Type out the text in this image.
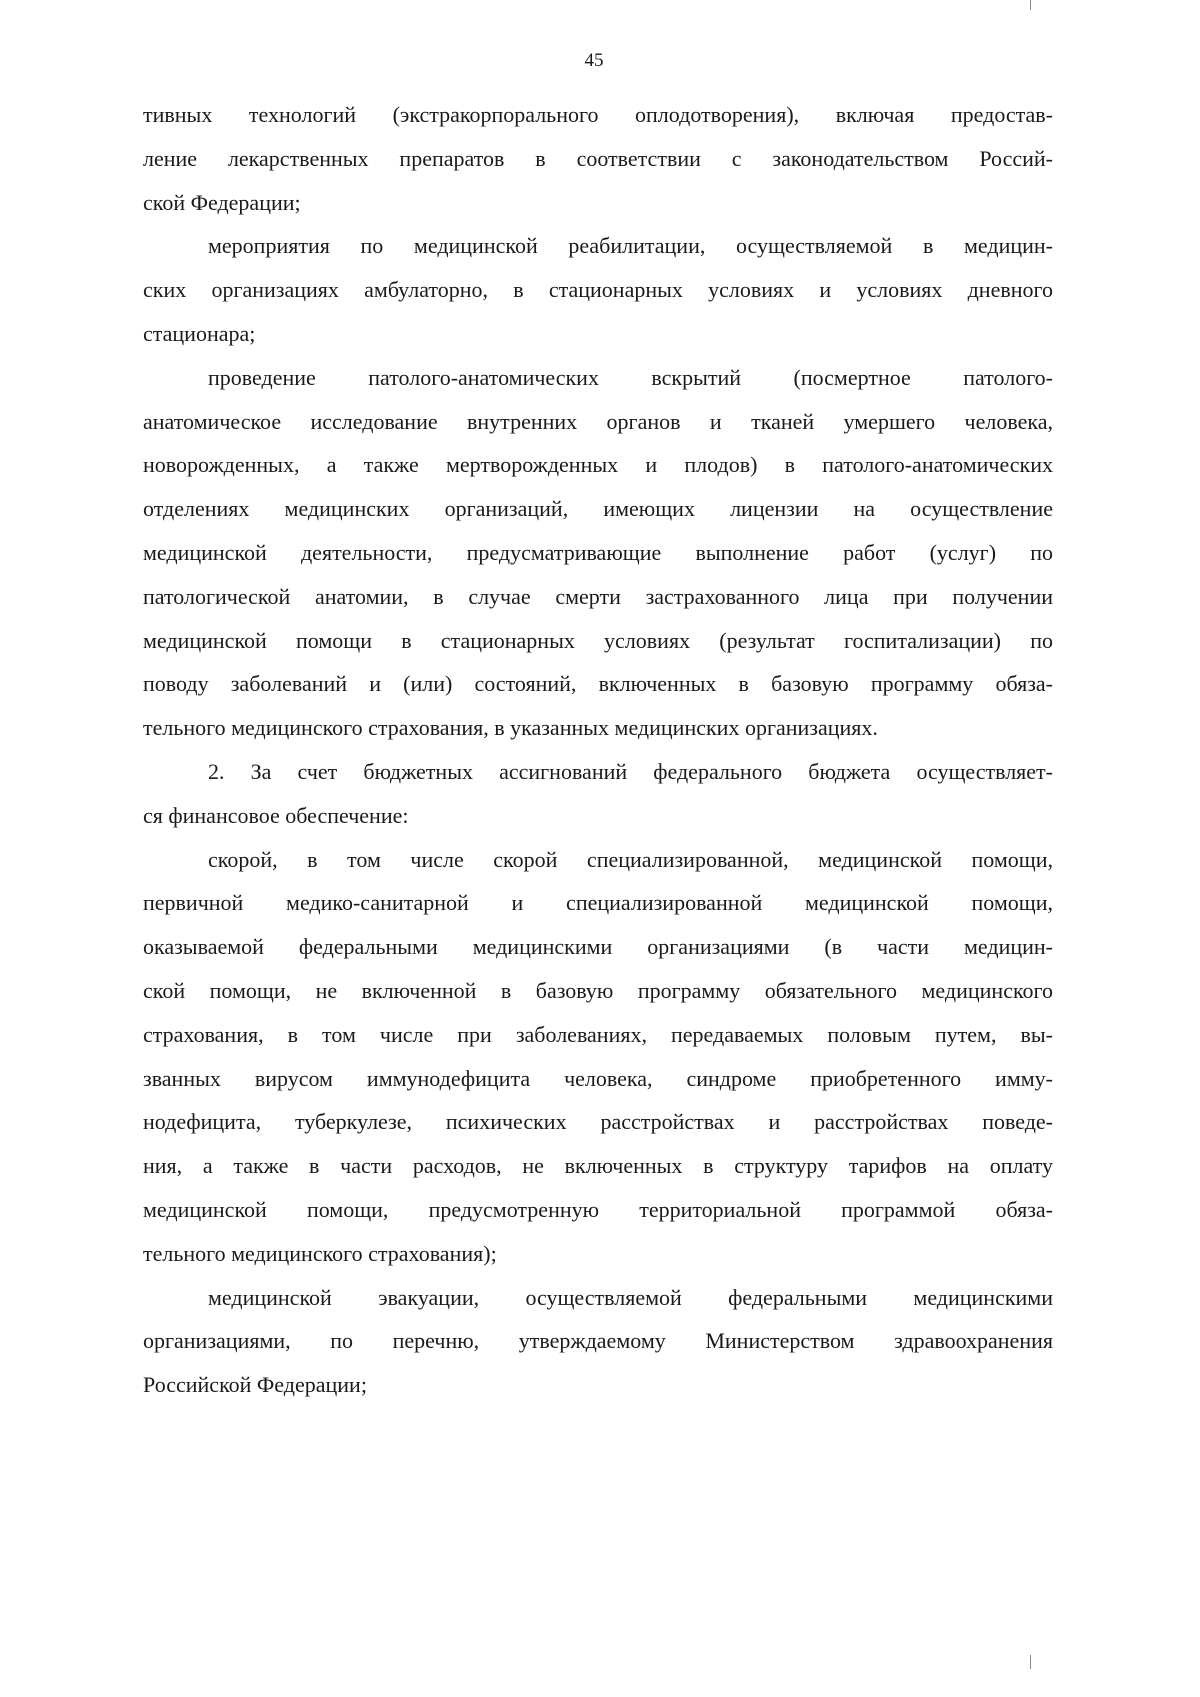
45
тивных технологий (экстракорпорального оплодотворения), включая предостав-
ление лекарственных препаратов в соответствии с законодательством Россий-
ской Федерации;
мероприятия по медицинской реабилитации, осуществляемой в медицин-
ских организациях амбулаторно, в стационарных условиях и условиях дневного
стационара;
проведение патолого-анатомических вскрытий (посмертное патолого-
анатомическое исследование внутренних органов и тканей умершего человека,
новорожденных, а также мертворожденных и плодов) в патолого-анатомических
отделениях медицинских организаций, имеющих лицензии на осуществление
медицинской деятельности, предусматривающие выполнение работ (услуг) по
патологической анатомии, в случае смерти застрахованного лица при получении
медицинской помощи в стационарных условиях (результат госпитализации) по
поводу заболеваний и (или) состояний, включенных в базовую программу обяза-
тельного медицинского страхования, в указанных медицинских организациях.
2. За счет бюджетных ассигнований федерального бюджета осуществляет-
ся финансовое обеспечение:
скорой, в том числе скорой специализированной, медицинской помощи,
первичной медико-санитарной и специализированной медицинской помощи,
оказываемой федеральными медицинскими организациями (в части медицин-
ской помощи, не включенной в базовую программу обязательного медицинского
страхования, в том числе при заболеваниях, передаваемых половым путем, вы-
званных вирусом иммунодефицита человека, синдроме приобретенного имму-
нодефицита, туберкулезе, психических расстройствах и расстройствах поведе-
ния, а также в части расходов, не включенных в структуру тарифов на оплату
медицинской помощи, предусмотренную территориальной программой обяза-
тельного медицинского страхования);
медицинской эвакуации, осуществляемой федеральными медицинскими
организациями, по перечню, утверждаемому Министерством здравоохранения
Российской Федерации;
